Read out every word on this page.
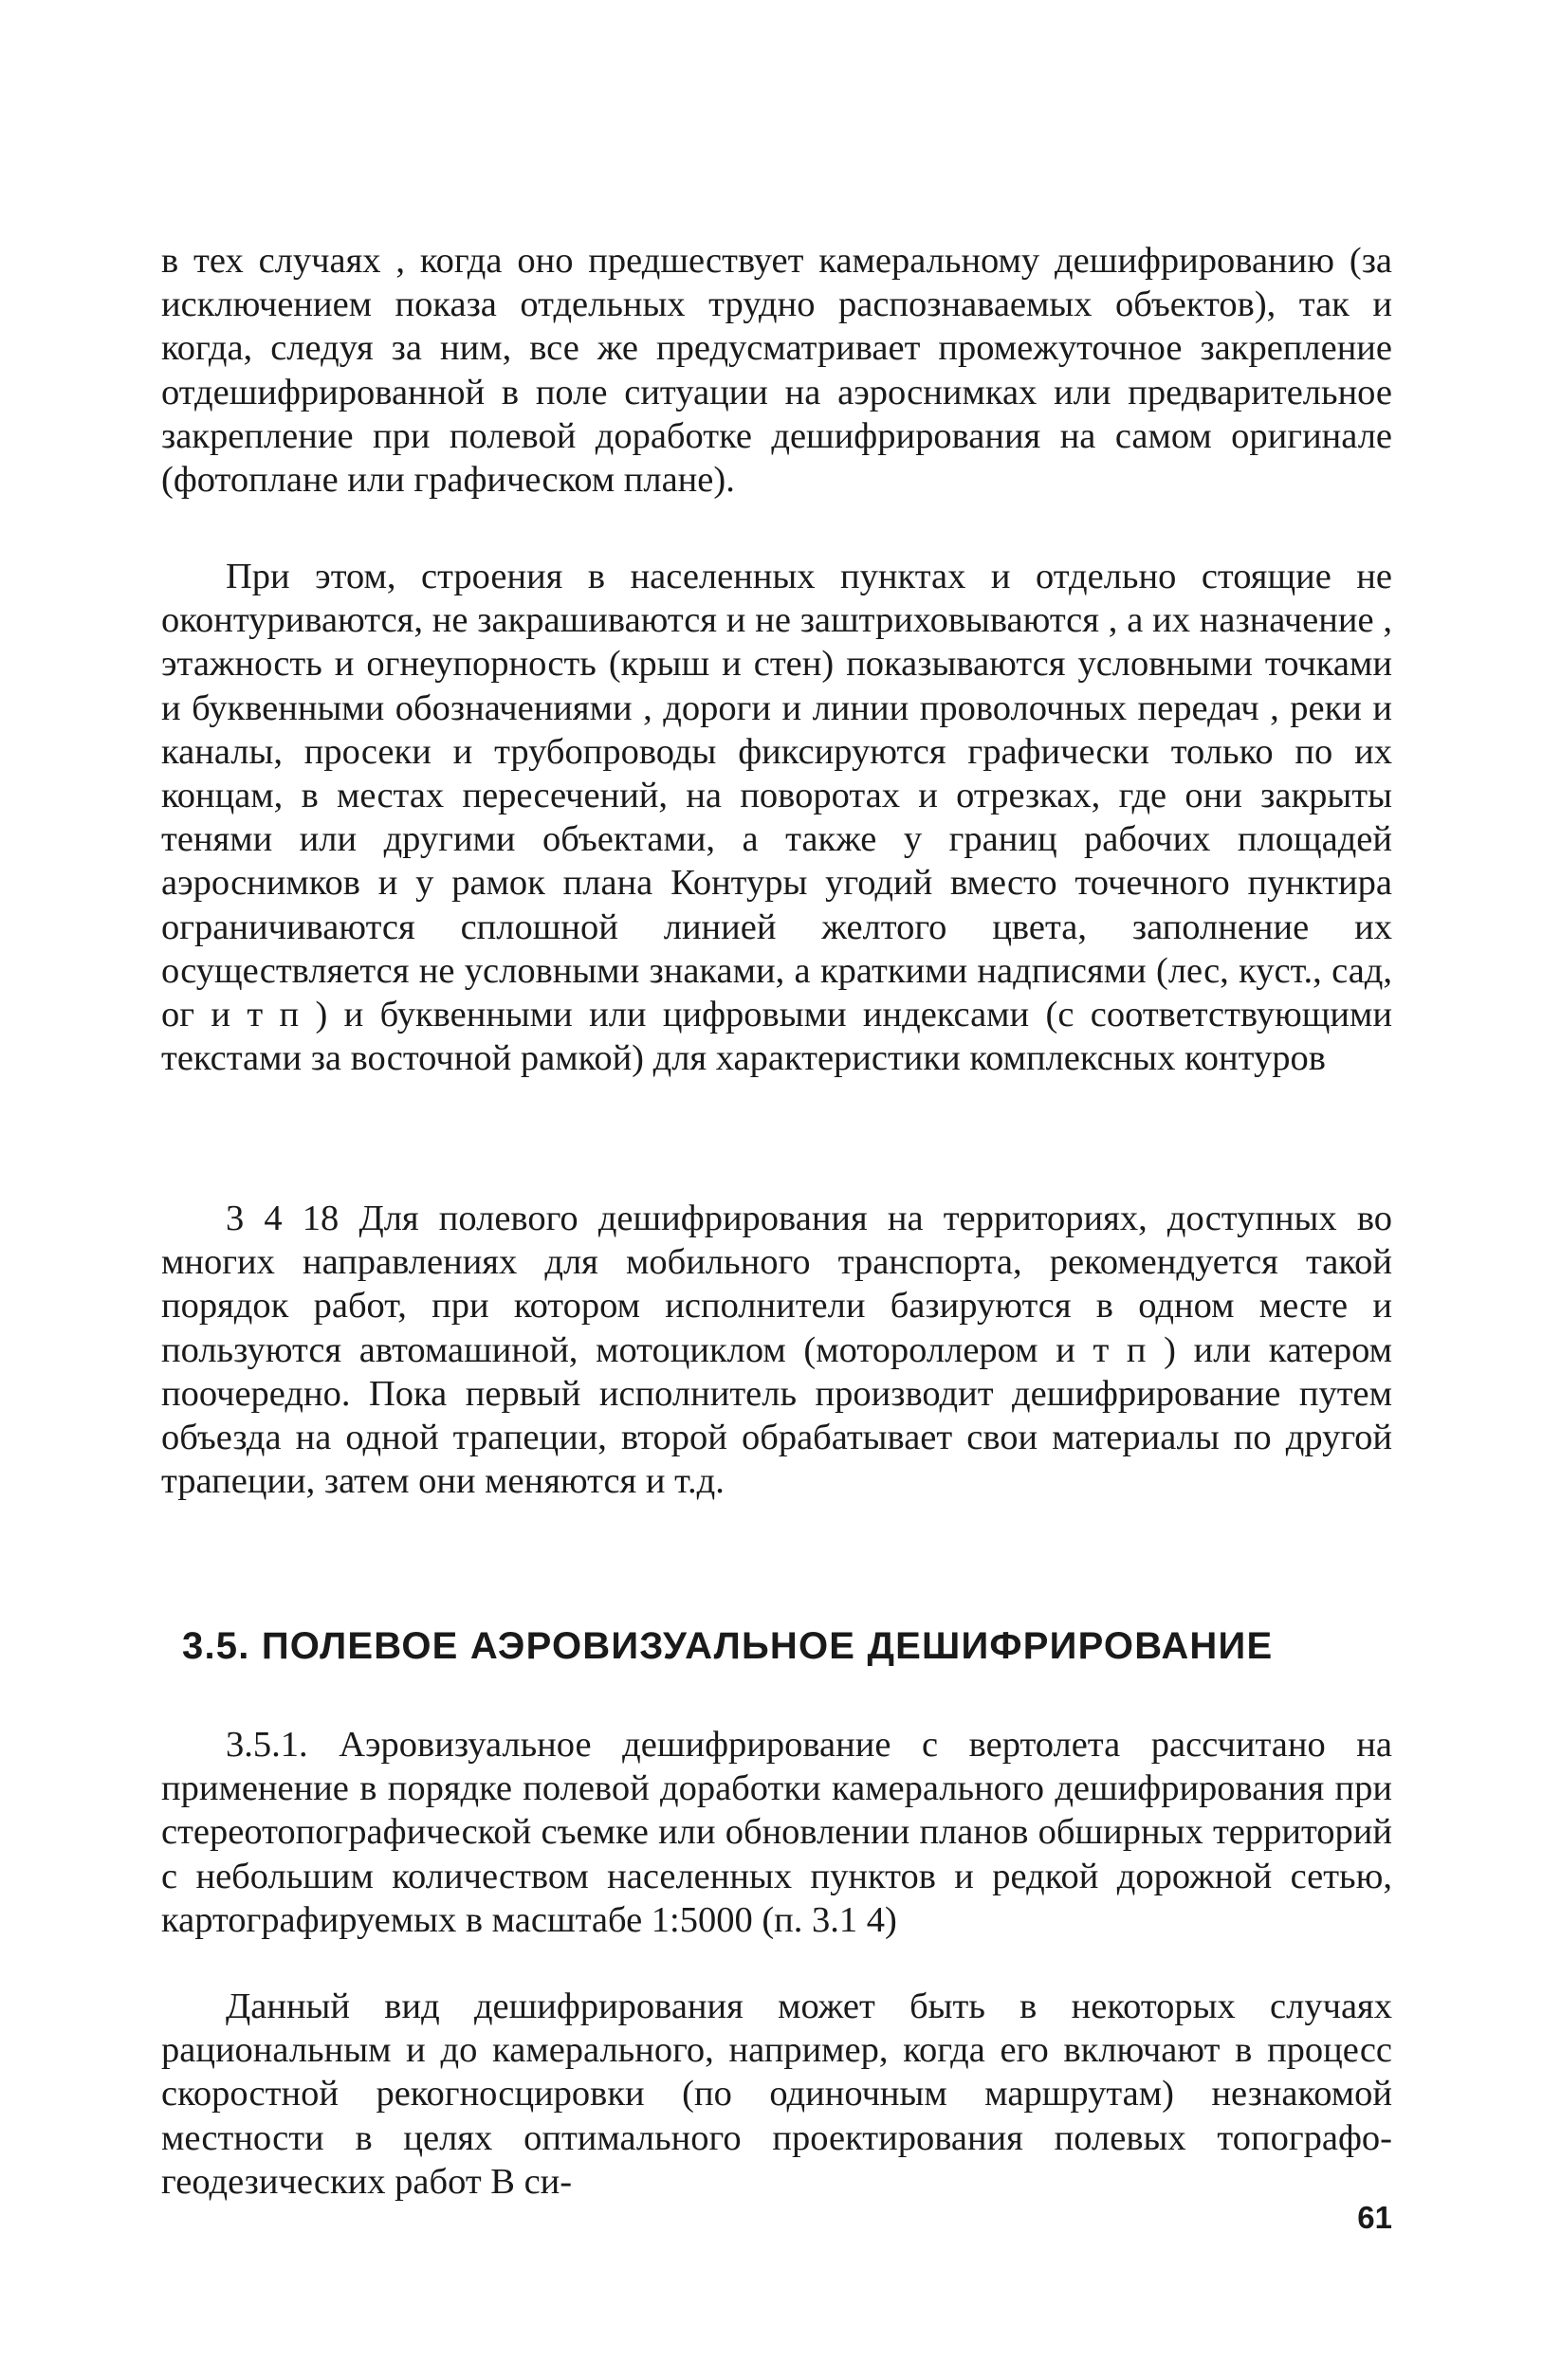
в тех случаях , когда оно предшествует камеральному дешифрированию (за исключением показа отдельных трудно распознаваемых объектов), так и когда, следуя за ним, все же предусматривает промежуточное закрепление отдешифрированной в поле ситуации на аэроснимках или предварительное закрепление при полевой доработке дешифрирования на самом оригинале (фотоплане или графическом плане).

При этом, строения в населенных пунктах и отдельно стоящие не оконтуриваются, не закрашиваются и не заштриховываются , а их назначение , этажность и огнеупорность (крыш и стен) показываются условными точками и буквенными обозначениями , дороги и линии проволочных передач , реки и каналы, просеки и трубопроводы фиксируются графически только по их концам, в местах пересечений, на поворотах и отрезках, где они закрыты тенями или другими объектами, а также у границ рабочих площадей аэроснимков и у рамок плана Контуры угодий вместо точечного пунктира ограничиваются сплошной линией желтого цвета, заполнение их осуществляется не условными знаками, а краткими надписями (лес, куст., сад, ог и т п ) и буквенными или цифровыми индексами (с соответствующими текстами за восточной рамкой) для характеристики комплексных контуров

3 4 18 Для полевого дешифрирования на территориях, доступных во многих направлениях для мобильного транспорта, рекомендуется такой порядок работ, при котором исполнители базируются в одном месте и пользуются автомашиной, мотоциклом (мотороллером и т п ) или катером поочередно. Пока первый исполнитель производит дешифрирование путем объезда на одной трапеции, второй обрабатывает свои материалы по другой трапеции, затем они меняются и т.д.

3.5. ПОЛЕВОЕ АЭРОВИЗУАЛЬНОЕ ДЕШИФРИРОВАНИЕ

3.5.1. Аэровизуальное дешифрирование с вертолета рассчитано на применение в порядке полевой доработки камерального дешифрирования при стереотопографической съемке или обновлении планов обширных территорий с небольшим количеством населенных пунктов и редкой дорожной сетью, картографируемых в масштабе 1:5000 (п. 3.1 4)

Данный вид дешифрирования может быть в некоторых случаях рациональным и до камерального, например, когда его включают в процесс скоростной рекогносцировки (по одиночным маршрутам) незнакомой местности в целях оптимального проектирования полевых топографо-геодезических работ В си-

61
